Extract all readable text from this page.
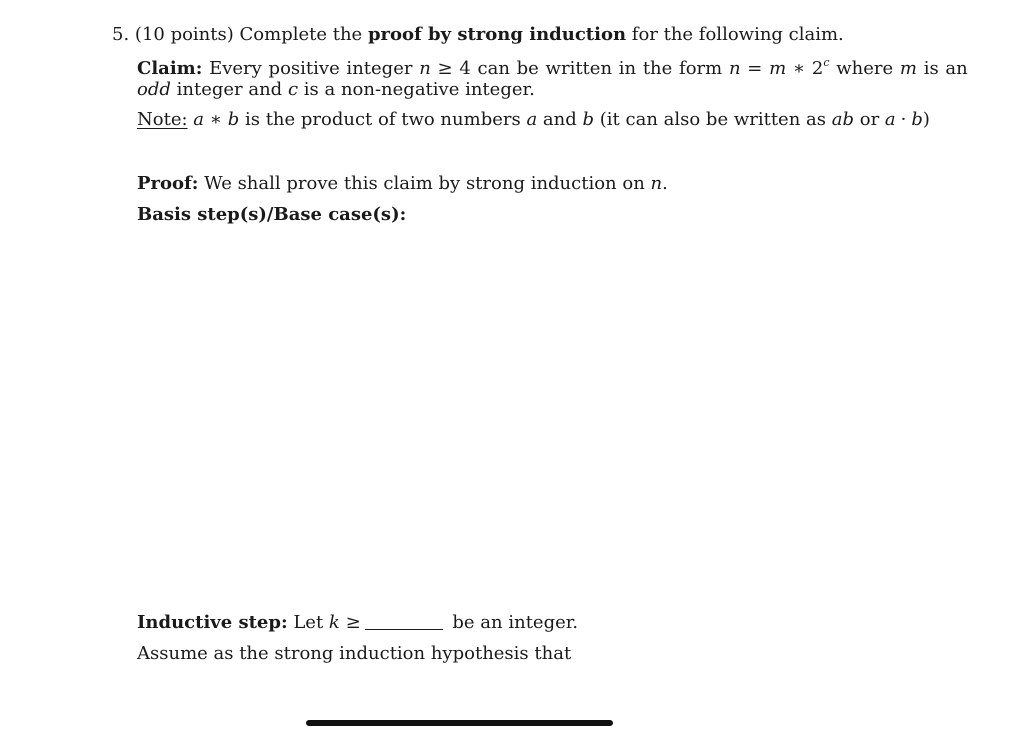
5. (10 points) Complete the proof by strong induction for the following claim.
Claim: Every positive integer n ≥ 4 can be written in the form n = m ∗ 2$^c$ where m is an
odd integer and c is a non-negative integer.
Note: a ∗ b is the product of two numbers a and b (it can also be written as ab or a · b)
Proof: We shall prove this claim by strong induction on n.
Basis step(s)/Base case(s):
Inductive step: Let k ≥	be an integer.
Assume as the strong induction hypothesis that
